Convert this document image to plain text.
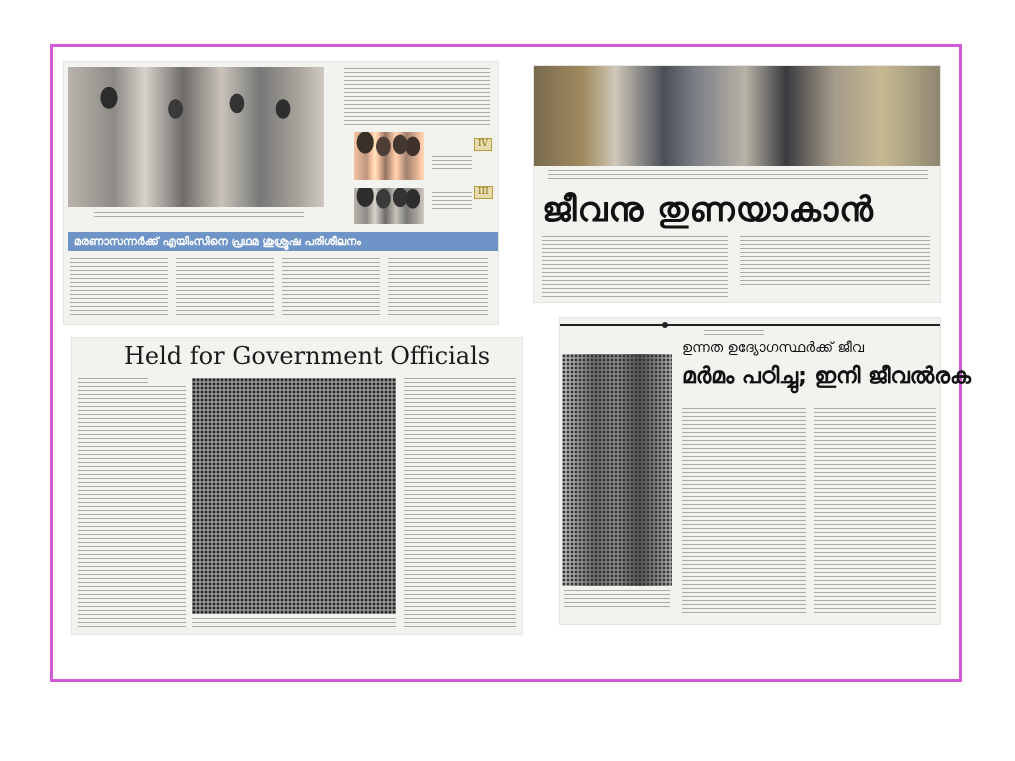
IV
III
മരണാസന്നർക്ക് എയിംസിനെ പ്രഥമ ശുശ്രൂഷ പരിശീലനം
ജീവനു തുണയാകാൻ
Held for Government Officials	ഉന്നത ഉദ്യോഗസ്ഥർക്ക് ജീവ
മർമം പഠിച്ചു; ഇനി ജീവൽരക
